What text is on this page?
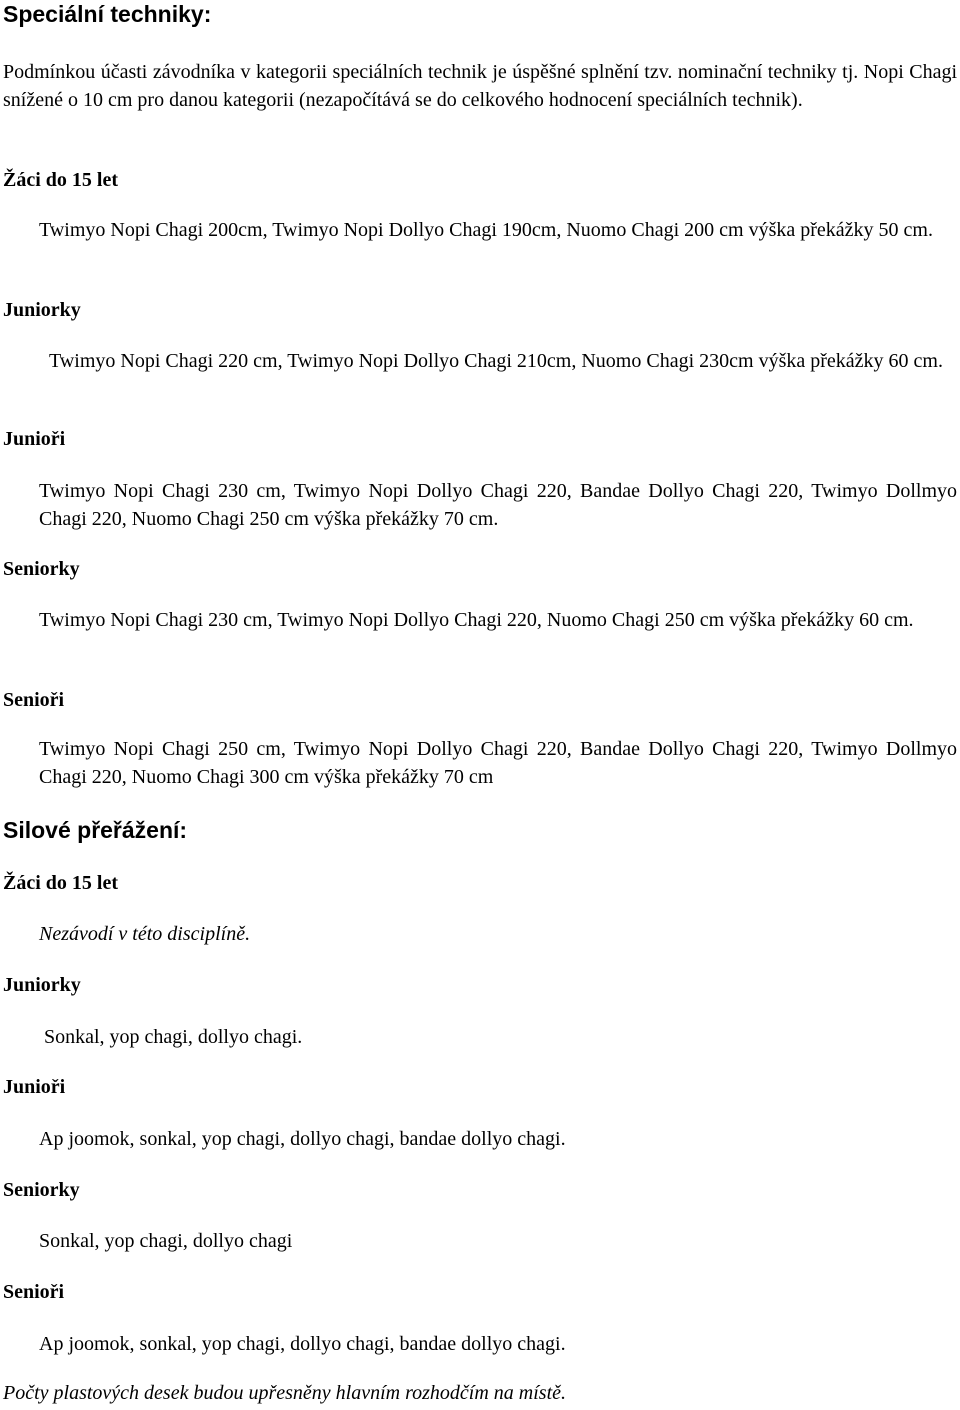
Speciální techniky:
Podmínkou účasti závodníka v kategorii speciálních technik je úspěšné splnění tzv. nominační techniky tj. Nopi Chagi snížené o 10 cm pro danou kategorii (nezapočítává se do celkového hodnocení speciálních technik).
Žáci do 15 let
Twimyo Nopi Chagi 200cm, Twimyo Nopi Dollyo Chagi 190cm, Nuomo Chagi 200 cm výška překážky 50 cm.
Juniorky
Twimyo Nopi Chagi 220 cm, Twimyo Nopi Dollyo Chagi 210cm, Nuomo Chagi 230cm výška překážky 60 cm.
Junioři
Twimyo Nopi Chagi 230 cm, Twimyo Nopi Dollyo Chagi 220, Bandae Dollyo Chagi 220, Twimyo Dollmyo Chagi 220, Nuomo Chagi 250 cm výška překážky 70 cm.
Seniorky
Twimyo Nopi Chagi 230 cm, Twimyo Nopi Dollyo Chagi 220, Nuomo Chagi 250 cm výška překážky 60 cm.
Senioři
Twimyo Nopi Chagi 250 cm, Twimyo Nopi Dollyo Chagi 220, Bandae Dollyo Chagi 220, Twimyo Dollmyo Chagi 220, Nuomo Chagi 300 cm výška překážky 70 cm
Silové přeřážení:
Žáci do 15 let
Nezávodí v této disciplíně.
Juniorky
Sonkal, yop chagi, dollyo chagi.
Junioři
Ap joomok, sonkal, yop chagi, dollyo chagi, bandae dollyo chagi.
Seniorky
Sonkal, yop chagi, dollyo chagi
Senioři
Ap joomok, sonkal, yop chagi, dollyo chagi, bandae dollyo chagi.
Počty plastových desek budou upřesněny hlavním rozhodčím na místě.
